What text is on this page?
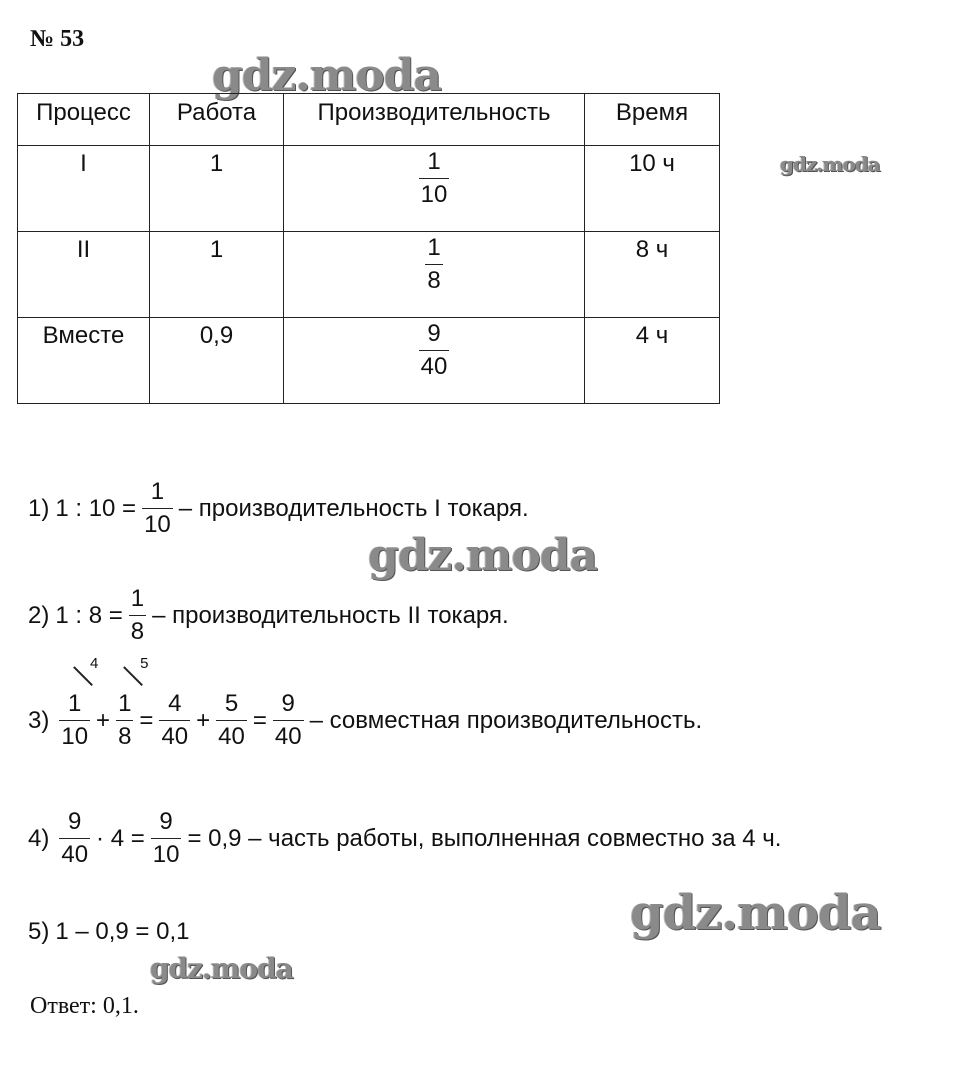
№ 53
gdz.moda
gdz.moda
gdz.moda
gdz.moda
gdz.moda
Процесс	Работа	Производительность	Время
I	1	$\frac{1}{10}$	10 ч
II	1	$\frac{1}{8}$	8 ч
Вместе	0,9	$\frac{9}{40}$	4 ч
1) 1 : $10 = \frac{1}{10}$ – производительность I токаря.
2) 1 : $8 = \frac{1}{8}$ – производительность II токаря.
3) 1
4
10 + 1
5
$8 = \frac{4}{40} + \frac{5}{40} = \frac{9}{40}$ – совместная производительность.
$4) \frac{9}{40} \cdot 4 = \frac{9}{10} = 0,9$ – часть работы, выполненная совместно за 4 ч.
5) 1 – 0,9 = 0,1
Ответ: 0,1.
